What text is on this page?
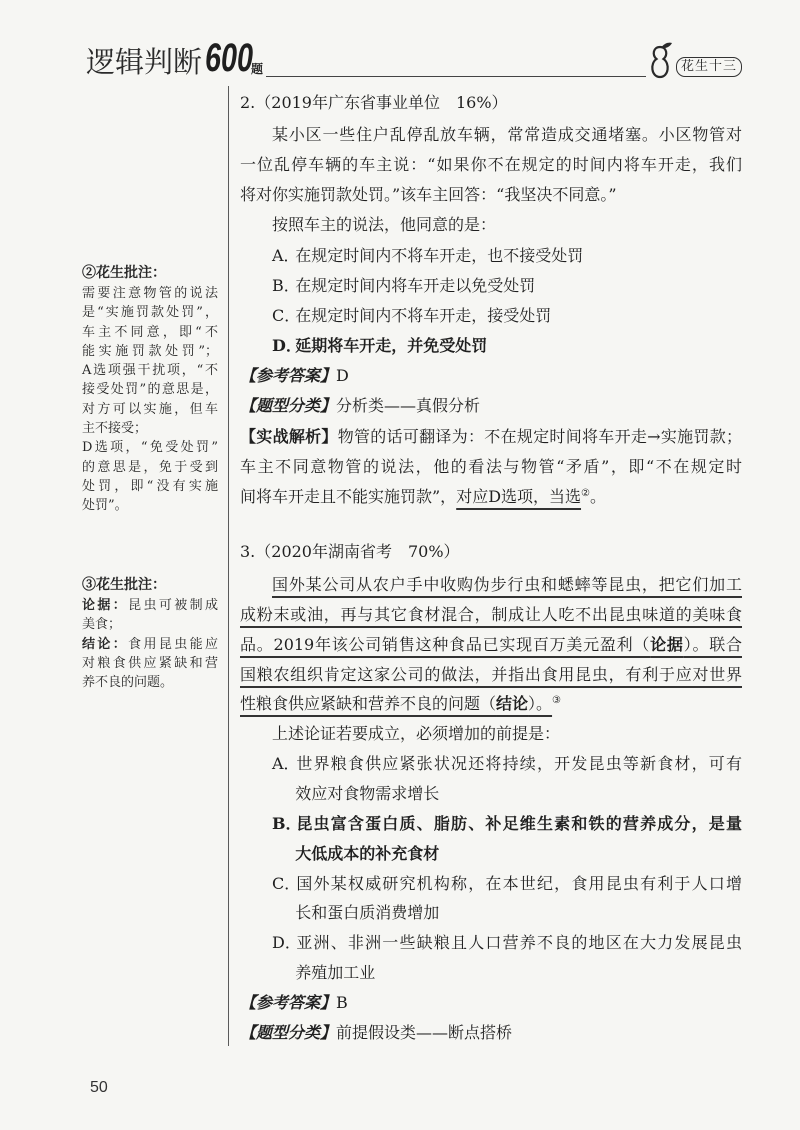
逻辑判断 600
题	花生十三
②花生批注：
需要注意物管的说法
是“实施罚款处罚”，
车主不同意，即“不
能实施罚款处罚”；
A选项强干扰项，“不
接受处罚”的意思是，
对方可以实施，但车
主不接受；
D选项，“免受处罚”
的意思是，免于受到
处罚，即“没有实施
处罚”。
③花生批注：
论据：昆虫可被制成
美食；
结论：食用昆虫能应
对粮食供应紧缺和营
养不良的问题。
2.（2019年广东省事业单位　16%）
某小区一些住户乱停乱放车辆，常常造成交通堵塞。小区物管对
一位乱停车辆的车主说：“如果你不在规定的时间内将车开走，我们
将对你实施罚款处罚。”该车主回答：“我坚决不同意。”
按照车主的说法，他同意的是：
A．在规定时间内不将车开走，也不接受处罚
B．在规定时间内将车开走以免受处罚
C．在规定时间内不将车开走，接受处罚
D．延期将车开走，并免受处罚
【参考答案】D
【题型分类】分析类——真假分析
【实战解析】物管的话可翻译为：不在规定时间将车开走→实施罚款；
车主不同意物管的说法，他的看法与物管“矛盾”，即“不在规定时
间将车开走且不能实施罚款”，对应D选项，当选②。
3.（2020年湖南省考　70%）
国外某公司从农户手中收购伪步行虫和蟋蟀等昆虫，把它们加工
成粉末或油，再与其它食材混合，制成让人吃不出昆虫味道的美味食
品。2019年该公司销售这种食品已实现百万美元盈利（论据）。联合
国粮农组织肯定这家公司的做法，并指出食用昆虫，有利于应对世界
性粮食供应紧缺和营养不良的问题（结论）。③
上述论证若要成立，必须增加的前提是：
A．世界粮食供应紧张状况还将持续，开发昆虫等新食材，可有
效应对食物需求增长
B．昆虫富含蛋白质、脂肪、补足维生素和铁的营养成分，是量
大低成本的补充食材
C．国外某权威研究机构称，在本世纪，食用昆虫有利于人口增
长和蛋白质消费增加
D．亚洲、非洲一些缺粮且人口营养不良的地区在大力发展昆虫
养殖加工业
【参考答案】B
【题型分类】前提假设类——断点搭桥
50
